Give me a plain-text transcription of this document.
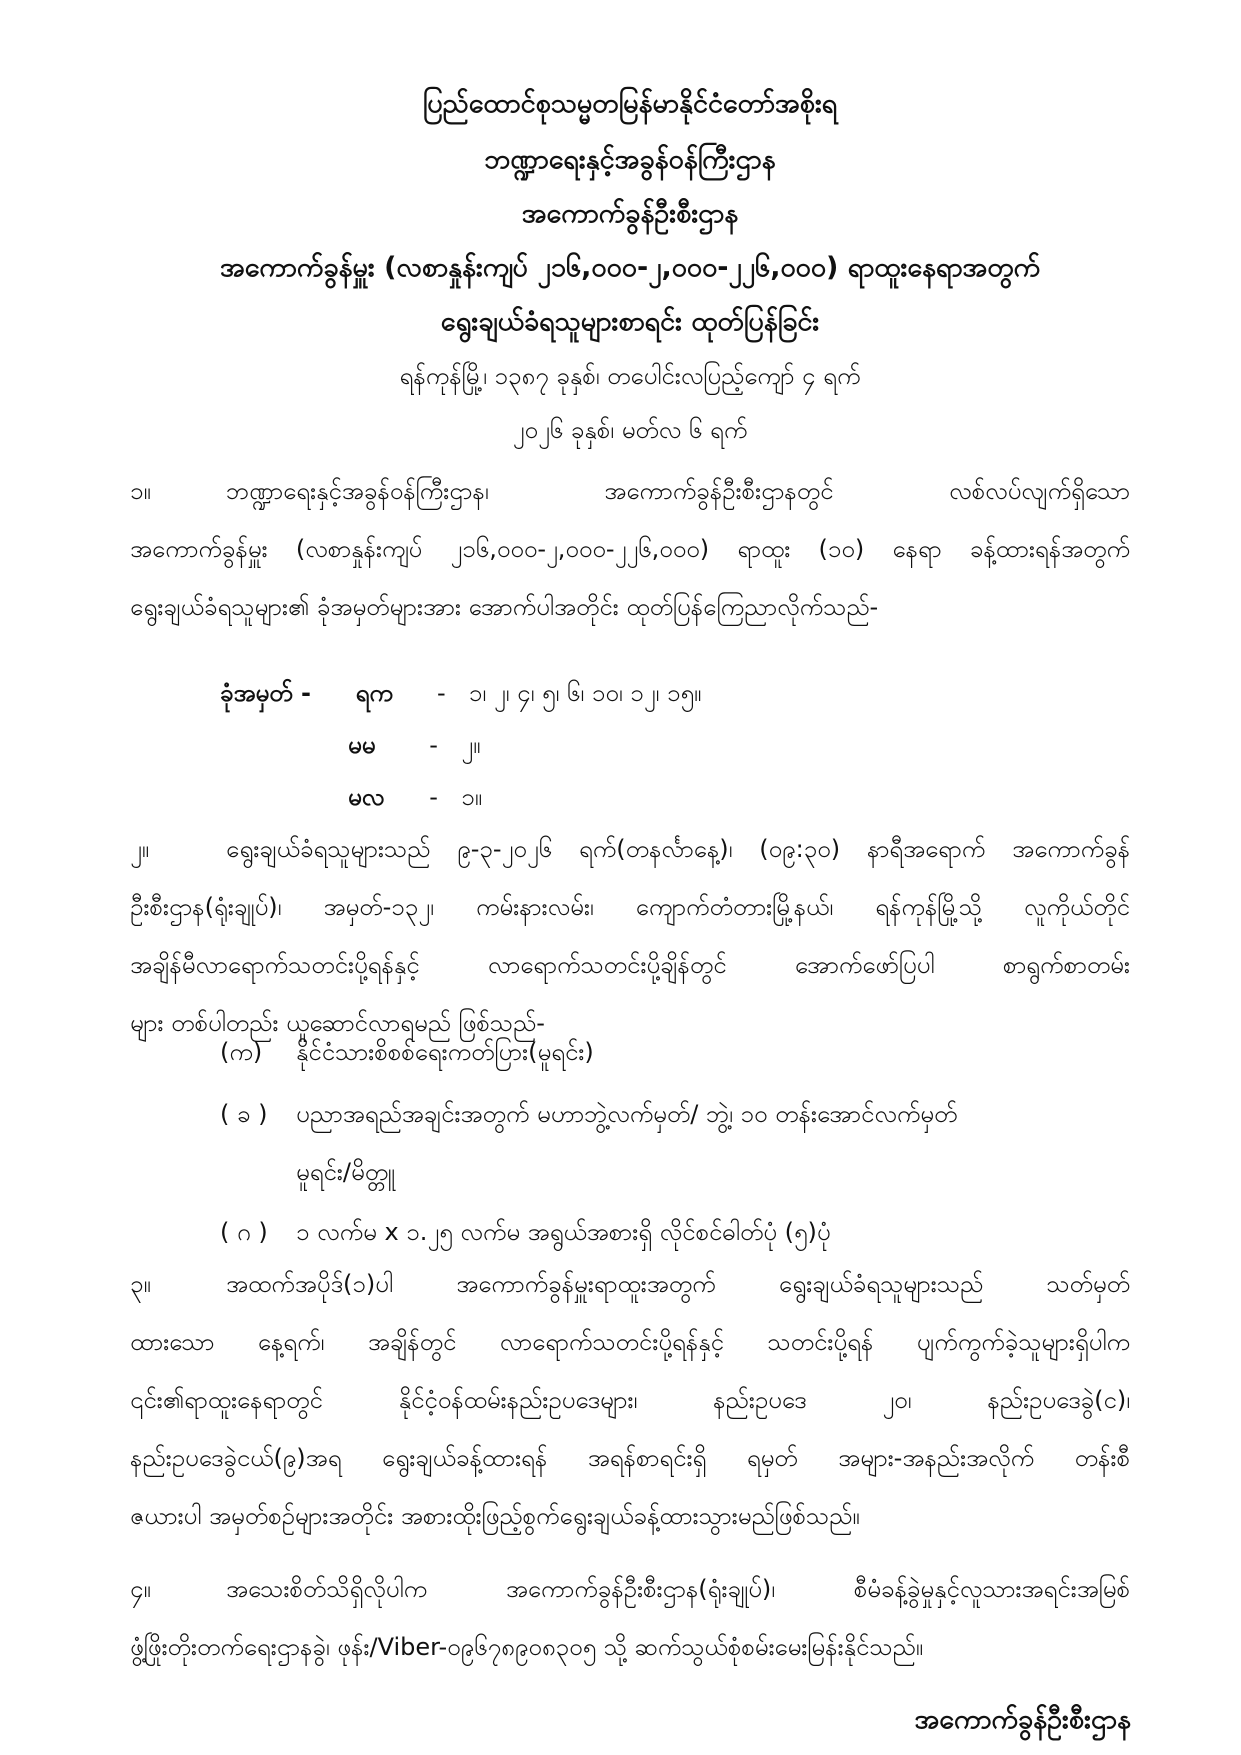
ပြည်ထောင်စုသမ္မတမြန်မာနိုင်ငံတော်အစိုးရ
ဘဏ္ဍာရေးနှင့်အခွန်ဝန်ကြီးဌာန
အကောက်ခွန်ဦးစီးဌာန
အကောက်ခွန်မှူး (လစာနှုန်းကျပ် ၂၁၆,၀၀၀-၂,၀၀၀-၂၂၆,၀၀၀) ရာထူးနေရာအတွက်
ရွေးချယ်ခံရသူများစာရင်း ထုတ်ပြန်ခြင်း
ရန်ကုန်မြို့၊ ၁၃၈၇ ခုနှစ်၊ တပေါင်းလပြည့်ကျော် ၄ ရက်
၂၀၂၆ ခုနှစ်၊ မတ်လ ၆ ရက်
၁။	ဘဏ္ဍာရေးနှင့်အခွန်ဝန်ကြီးဌာန၊ အကောက်ခွန်ဦးစီးဌာနတွင် လစ်လပ်လျက်ရှိသော
အကောက်ခွန်မှူး (လစာနှုန်းကျပ် ၂၁၆,၀၀၀-၂,၀၀၀-၂၂၆,၀၀၀) ရာထူး (၁၀) နေရာ ခန့်ထားရန်အတွက်
ရွေးချယ်ခံရသူများ၏ ခုံအမှတ်များအား အောက်ပါအတိုင်း ထုတ်ပြန်ကြေညာလိုက်သည်-
ခုံအမှတ် - ရက - ၁၊ ၂၊ ၄၊ ၅၊ ၆၊ ၁၀၊ ၁၂၊ ၁၅။
မမ - ၂။
မလ - ၁။
၂။	ရွေးချယ်ခံရသူများသည် ၉-၃-၂၀၂၆ ရက်(တနင်္လာနေ့)၊ (၀၉:၃၀) နာရီအရောက် အကောက်ခွန်
ဦးစီးဌာန(ရုံးချုပ်)၊ အမှတ်-၁၃၂၊ ကမ်းနားလမ်း၊ ကျောက်တံတားမြို့နယ်၊ ရန်ကုန်မြို့သို့ လူကိုယ်တိုင်
အချိန်မီလာရောက်သတင်းပို့ရန်နှင့် လာရောက်သတင်းပို့ချိန်တွင် အောက်ဖော်ပြပါ စာရွက်စာတမ်း
များ တစ်ပါတည်း ယူဆောင်လာရမည် ဖြစ်သည်-
(က) နိုင်ငံသားစိစစ်ရေးကတ်ပြား(မူရင်း)
( ခ ) ပညာအရည်အချင်းအတွက် မဟာဘွဲ့လက်မှတ်/ ဘွဲ့၊ ၁၀ တန်းအောင်လက်မှတ်
မူရင်း/မိတ္တူ
( ဂ ) ၁ လက်မ x ၁.၂၅ လက်မ အရွယ်အစားရှိ လိုင်စင်ဓါတ်ပုံ (၅)ပုံ
၃။	အထက်အပိုဒ်(၁)ပါ အကောက်ခွန်မှူးရာထူးအတွက် ရွေးချယ်ခံရသူများသည် သတ်မှတ်
ထားသော နေ့ရက်၊ အချိန်တွင် လာရောက်သတင်းပို့ရန်နှင့် သတင်းပို့ရန် ပျက်ကွက်ခဲ့သူများရှိပါက
၎င်း၏ရာထူးနေရာတွင် နိုင်ငံ့ဝန်ထမ်းနည်းဥပဒေများ၊ နည်းဥပဒေ ၂၀၊ နည်းဥပဒေခွဲ(င)၊
နည်းဥပဒေခွဲငယ်(၉)အရ ရွေးချယ်ခန့်ထားရန် အရန်စာရင်းရှိ ရမှတ် အများ-အနည်းအလိုက် တန်းစီ
ဇယားပါ အမှတ်စဉ်များအတိုင်း အစားထိုးဖြည့်စွက်ရွေးချယ်ခန့်ထားသွားမည်ဖြစ်သည်။
၄။	အသေးစိတ်သိရှိလိုပါက အကောက်ခွန်ဦးစီးဌာန(ရုံးချုပ်)၊ စီမံခန့်ခွဲမှုနှင့်လူသားအရင်းအမြစ်
ဖွံ့ဖြိုးတိုးတက်ရေးဌာနခွဲ၊ ဖုန်း/Viber-၀၉၆၇၈၉၀၈၃၀၅ သို့ ဆက်သွယ်စုံစမ်းမေးမြန်းနိုင်သည်။
အကောက်ခွန်ဦးစီးဌာန
